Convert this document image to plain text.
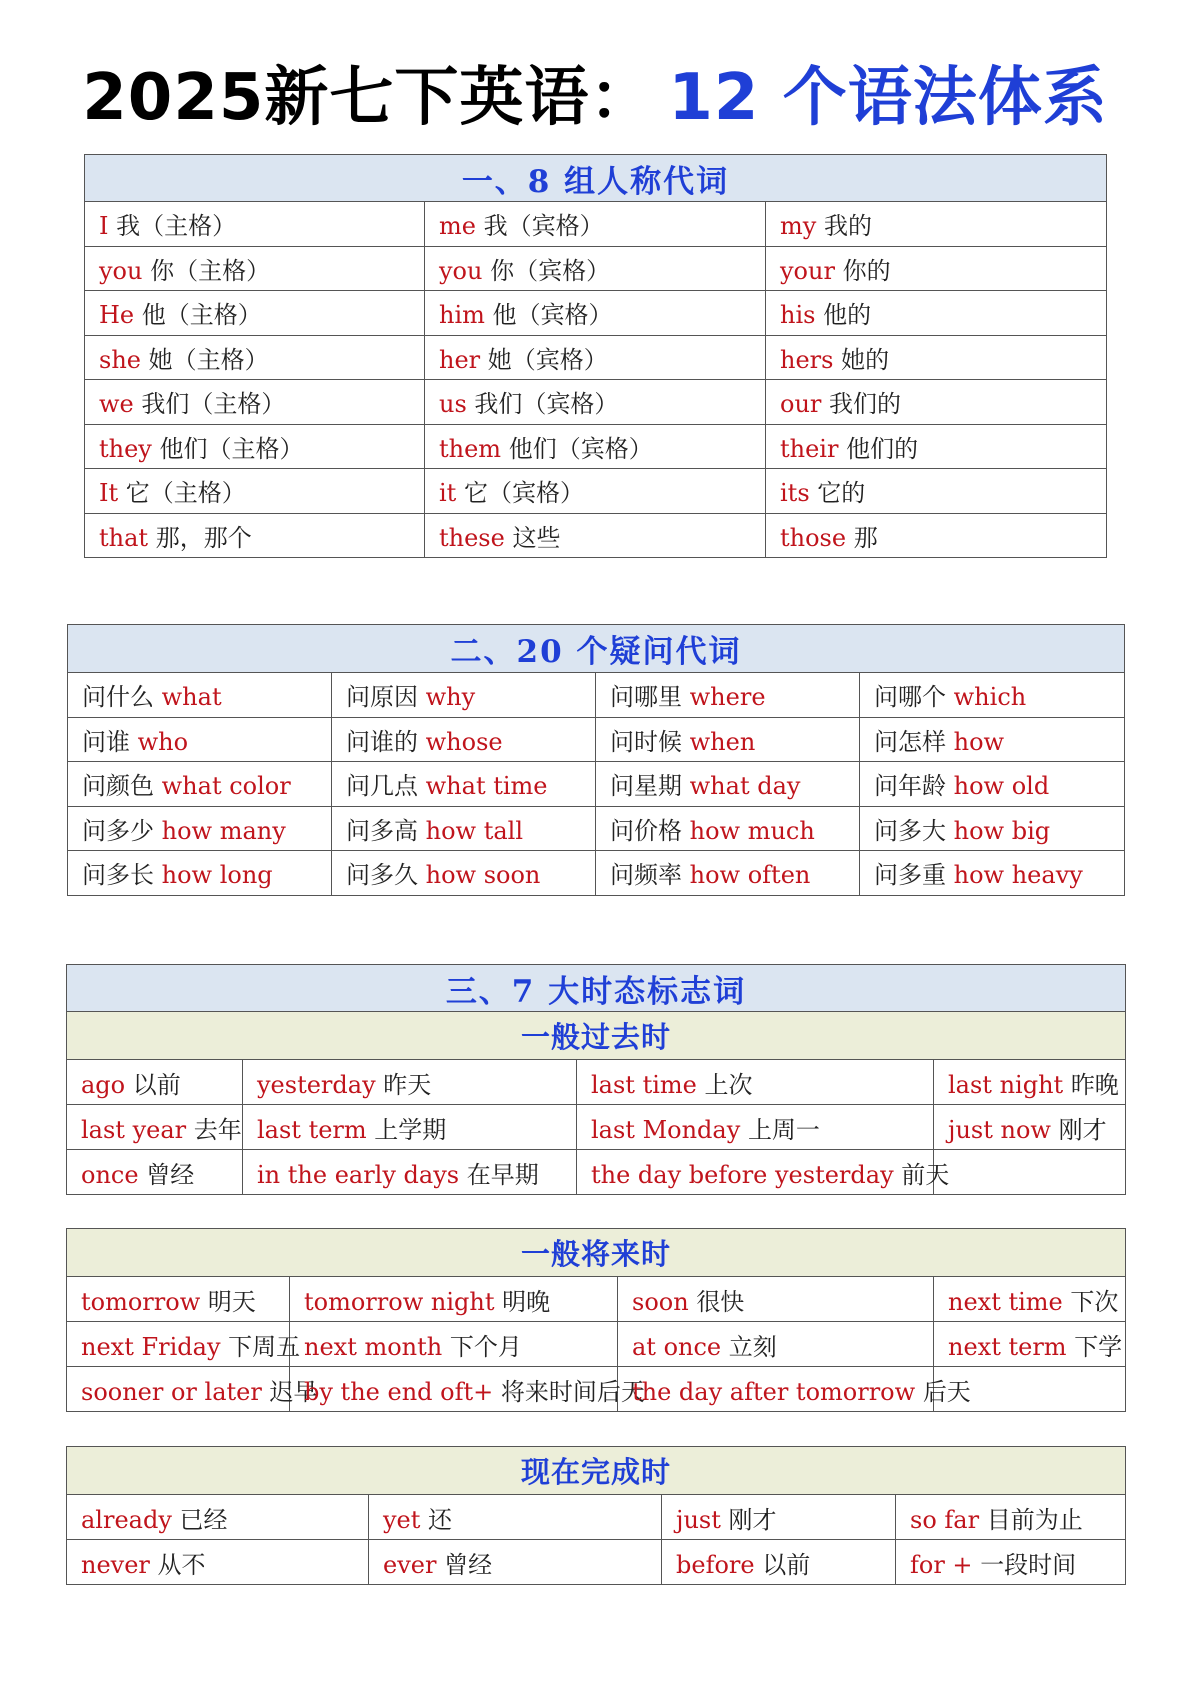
2025新七下英语： 12 个语法体系
一、8 组人称代词		
I 我（主格）	me 我（宾格）	my 我的
you 你（主格）	you 你（宾格）	your 你的
He 他（主格）	him 他（宾格）	his 他的
she 她（主格）	her 她（宾格）	hers 她的
we 我们（主格）	us 我们（宾格）	our 我们的
they 他们（主格）	them 他们（宾格）	their 他们的
It 它（主格）	it 它（宾格）	its 它的
that 那，那个	these 这些	those 那
二、20 个疑问代词			
问什么 what	问原因 why	问哪里 where	问哪个 which
问谁 who	问谁的 whose	问时候 when	问怎样 how
问颜色 what color	问几点 what time	问星期 what day	问年龄 how old
问多少 how many	问多高 how tall	问价格 how much	问多大 how big
问多长 how long	问多久 how soon	问频率 how often	问多重 how heavy
三、7 大时态标志词			
一般过去时			
ago 以前	yesterday 昨天	last time 上次	last night 昨晚
last year 去年	last term 上学期	last Monday 上周一	just now 刚才
once 曾经	in the early days 在早期	the day before yesterday 前天	
一般将来时			
tomorrow 明天	tomorrow night 明晚	soon 很快	next time 下次
next Friday 下周五	next month 下个月	at once 立刻	next term 下学
sooner or later 迟早	by the end oft+ 将来时间后天	the day after tomorrow 后天	
现在完成时			
already 已经	yet 还	just 刚才	so far 目前为止
never 从不	ever 曾经	before 以前	for + 一段时间
